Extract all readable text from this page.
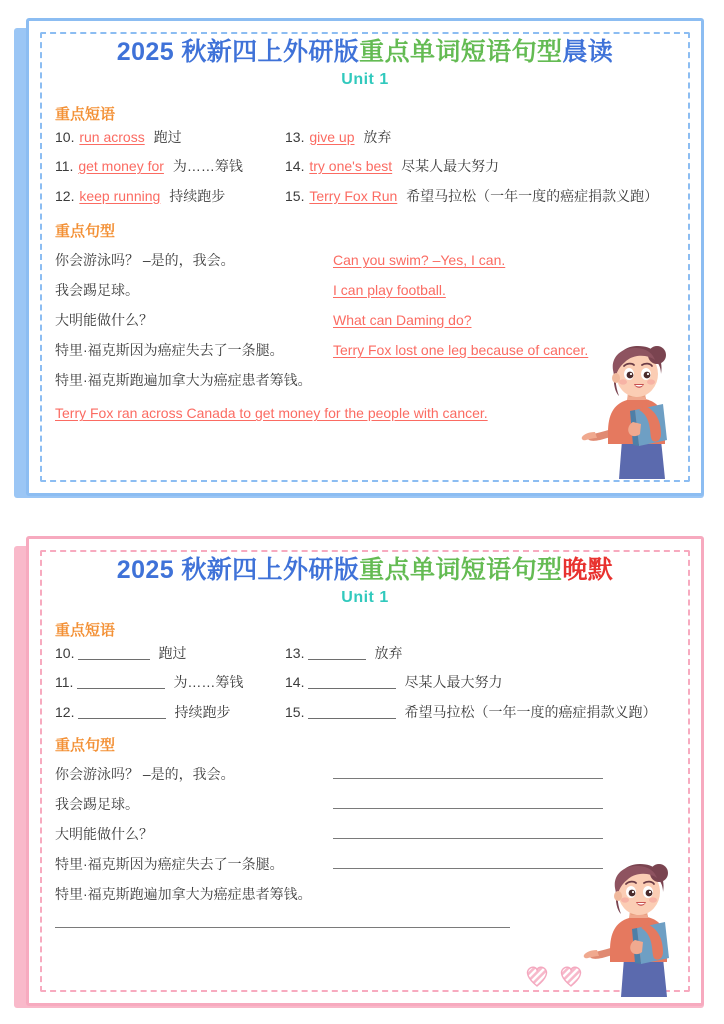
2025 秋新四上外研版重点单词短语句型晨读
Unit 1
重点短语
10. run across 跑过	13. give up 放弃
11. get money for 为……筹钱	14. try one's best 尽某人最大努力
12. keep running 持续跑步	15. Terry Fox Run 希望马拉松（一年一度的癌症捐款义跑）
重点句型
你会游泳吗？ –是的，我会。	Can you swim? –Yes, I can.
我会踢足球。	I can play football.
大明能做什么？	What can Daming do?
特里·福克斯因为癌症失去了一条腿。	Terry Fox lost one leg because of cancer.
特里·福克斯跑遍加拿大为癌症患者筹钱。
Terry Fox ran across Canada to get money for the people with cancer.
2025 秋新四上外研版重点单词短语句型晚默
Unit 1
重点短语
10.	跑过	13.	放弃
11.	为……筹钱	14.	尽某人最大努力
12.	持续跑步	15.	希望马拉松（一年一度的癌症捐款义跑）
重点句型
你会游泳吗？ –是的，我会。
我会踢足球。
大明能做什么？
特里·福克斯因为癌症失去了一条腿。
特里·福克斯跑遍加拿大为癌症患者筹钱。
